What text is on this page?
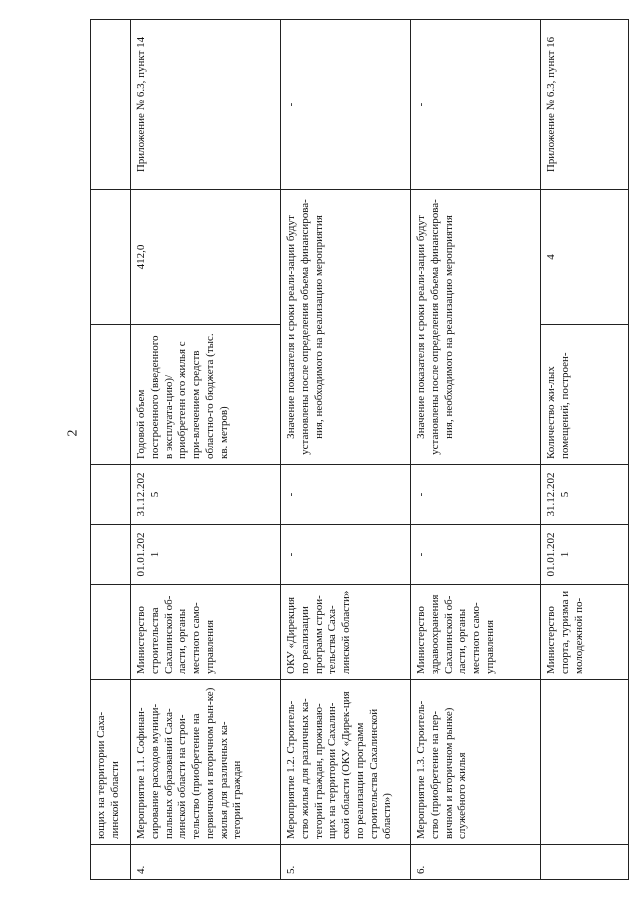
2
	ющих на территории Саха-линской области						
4.	Мероприятие 1.1. Софинан-сирование расходов муници-пальных образований Саха-линской области на строи-тельство (приобретение на первичном и вторичном рын-ке) жилья для различных ка-тегорий граждан	Министерство строительства Сахалинской об-ласти, органы местного само-управления	01.01.2021	31.12.2025	Годовой объем построенного (введенного в эксплуата-цию)/приобретенн ого жилья с при-влечением средств областно-го бюджета (тыс. кв. метров)	412,0	Приложение № 6.3, пункт 14
5.	Мероприятие 1.2. Строитель-ство жилья для различных ка-тегорий граждан, проживаю-щих на территории Сахалин-ской области (ОКУ «Дирек-ция по реализации программ строительства Сахалинской области»)	ОКУ «Дирекция по реализации программ строи-тельства Саха-линской области»	-	-	Значение показателя и сроки реали-зации будут установлены после определения объема финансирова-ния, необходимого на реализацию мероприятия		-
6.	Мероприятие 1.3. Строитель-ство (приобретение на пер-вичном и вторичном рынке) служебного жилья	Министерство здравоохранения Сахалинской об-ласти, органы местного само-управления	-	-	Значение показателя и сроки реали-зации будут установлены после определения объема финансирова-ния, необходимого на реализацию мероприятия		-
		Министерство спорта, туризма и молодежной по-	01.01.2021	31.12.2025	Количество жи-лых помещений, построен-	4	Приложение № 6.3, пункт 16
